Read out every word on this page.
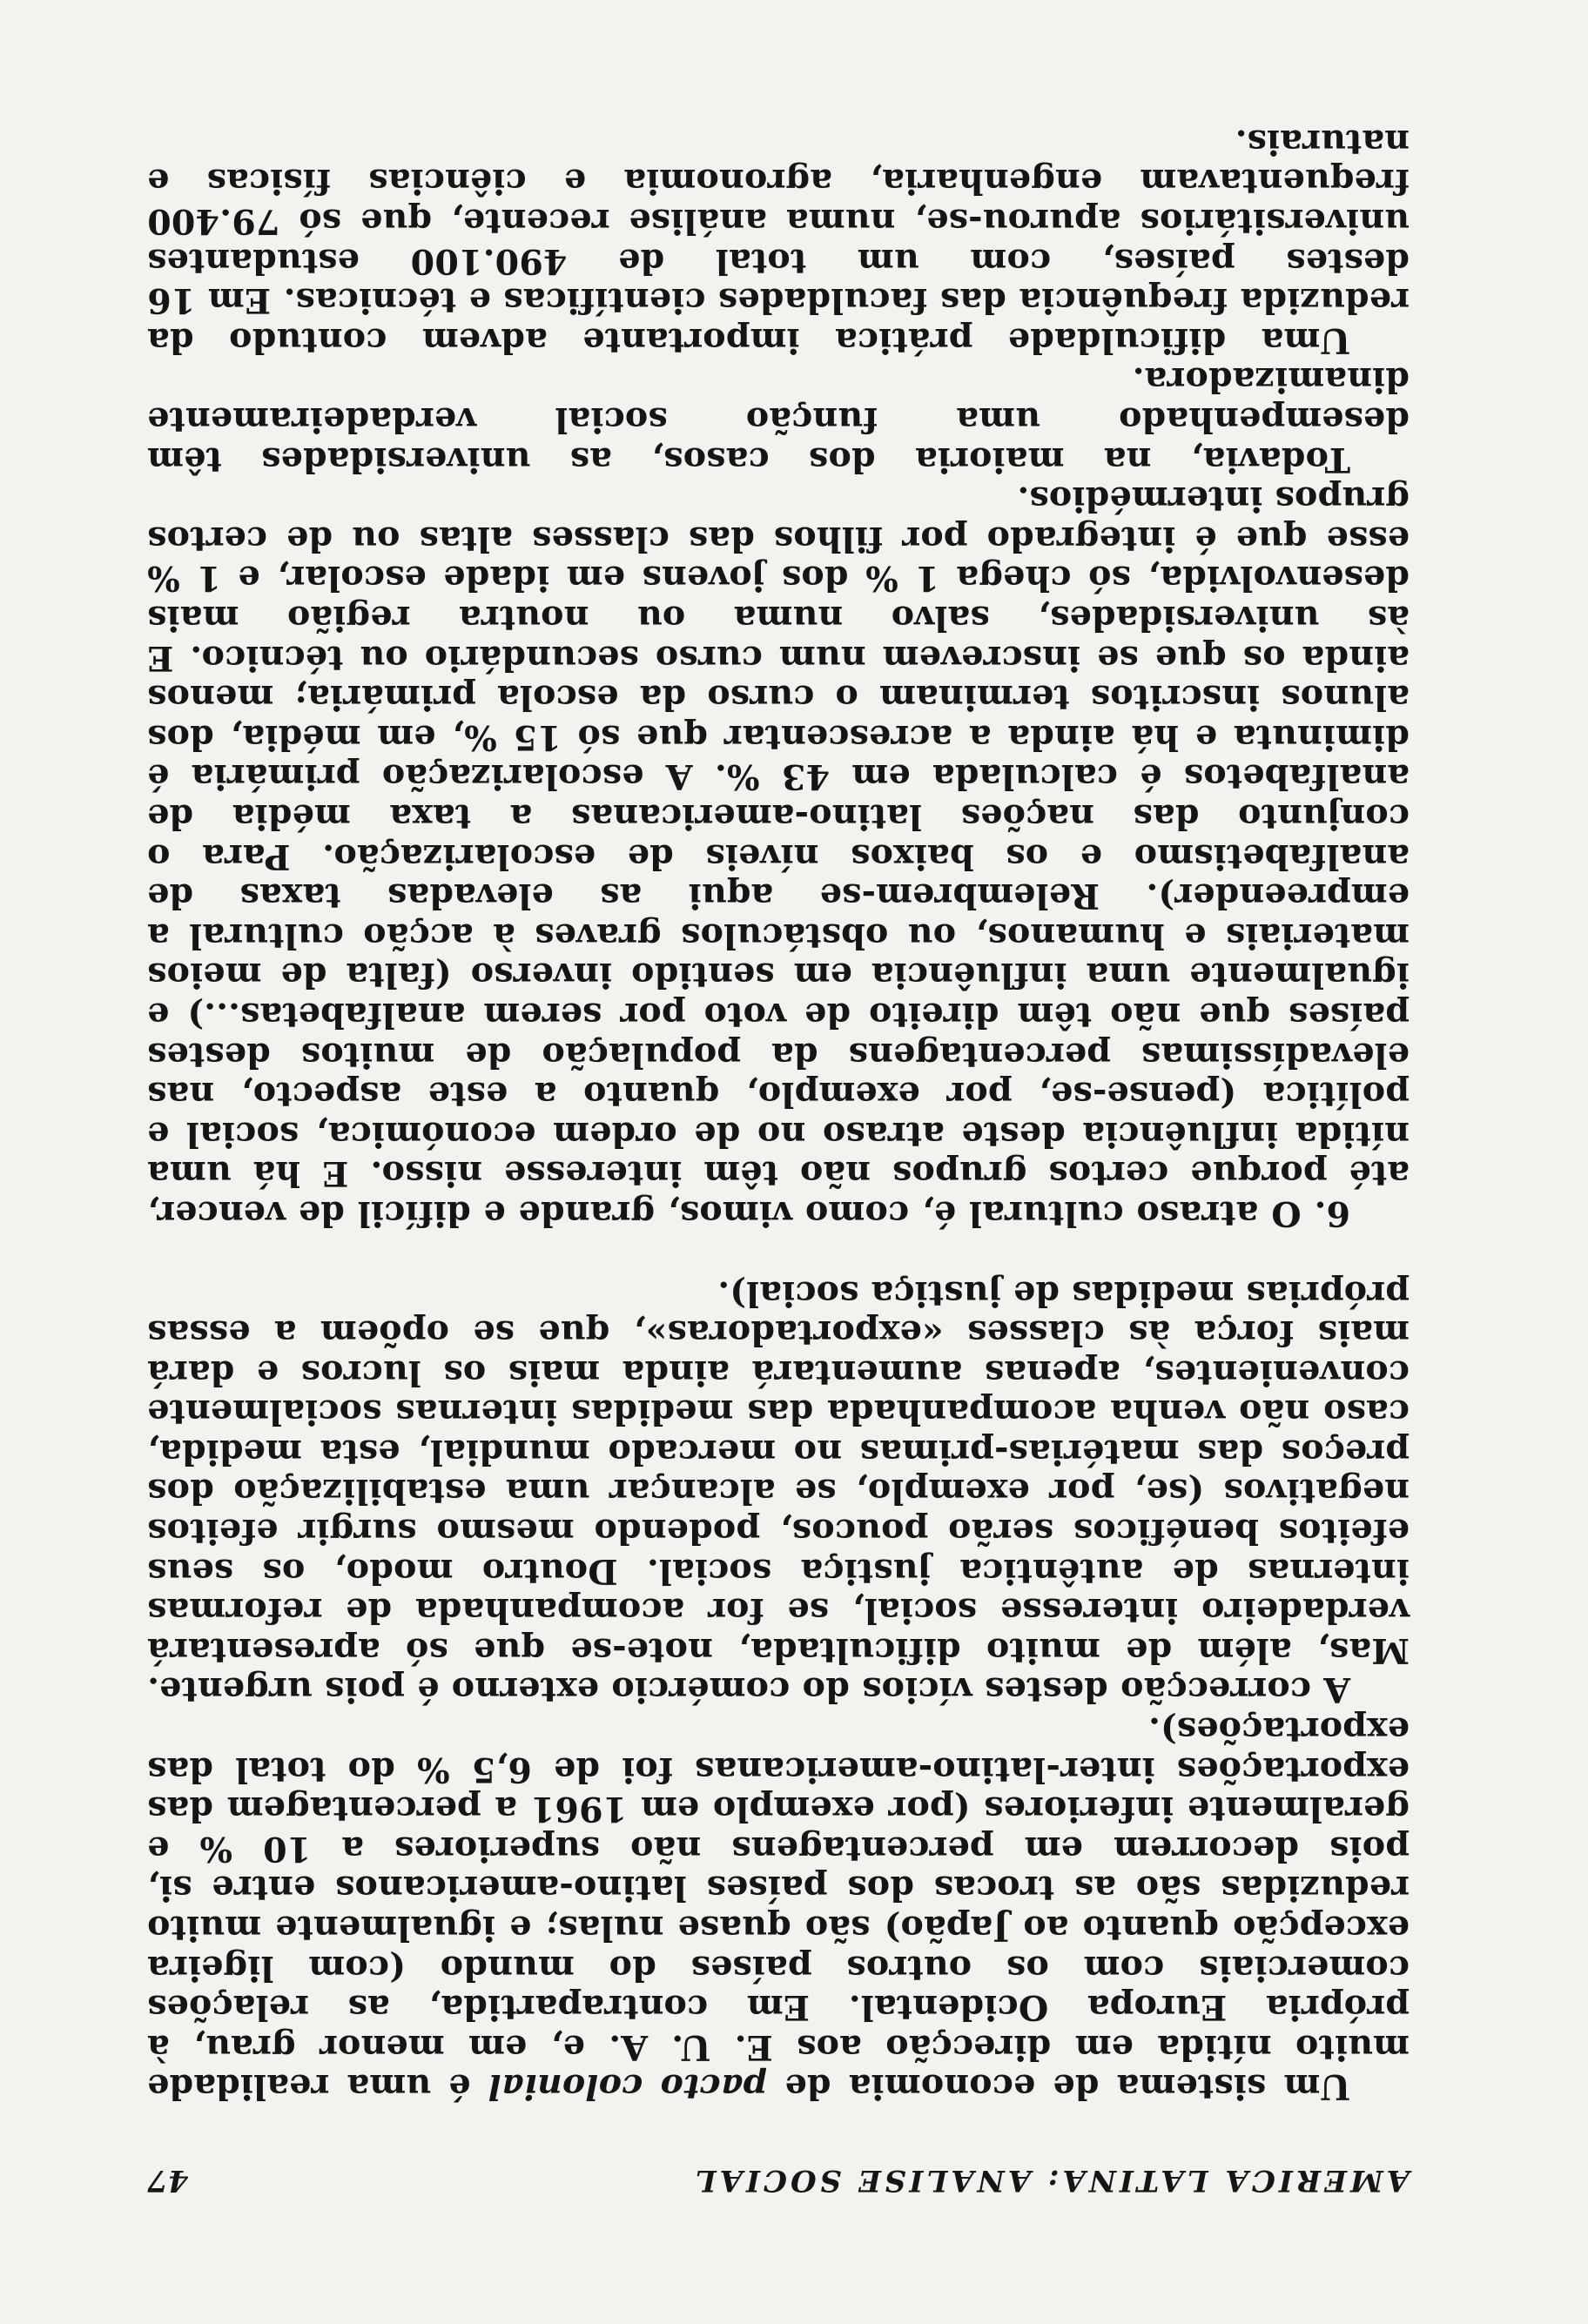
AMERICA LATINA: ANALISE SOCIAL
47

Um sistema de economia de pacto colonial é uma realidade muito nítida em direcção aos E. U. A. e, em menor grau, à própria Europa Ocidental. Em contrapartida, as relações comerciais com os outros países do mundo (com ligeira excepção quanto ao Japão) são quase nulas; e igualmente muito reduzidas são as trocas dos países latino-americanos entre si, pois decorrem em percentagens não superiores a 10 % e geralmente inferiores (por exemplo em 1961 a percentagem das exportações inter-latino-americanas foi de 6,5 % do total das exportações).

A correcção destes vícios do comércio externo é pois urgente. Mas, além de muito dificultada, note-se que só apresentará verdadeiro interesse social, se for acompanhada de reformas internas de autêntica justiça social. Doutro modo, os seus efeitos benéficos serão poucos, podendo mesmo surgir efeitos negativos (se, por exemplo, se alcançar uma estabilização dos preços das matérias-primas no mercado mundial, esta medida, caso não venha acompanhada das medidas internas socialmente convenientes, apenas aumentará ainda mais os lucros e dará mais força às classes «exportadoras», que se opõem a essas próprias medidas de justiça social).

6. O atraso cultural é, como vimos, grande e difícil de vencer, até porque certos grupos não têm interesse nisso. E há uma nítida influência deste atraso no de ordem económica, social e política (pense-se, por exemplo, quanto a este aspecto, nas elevadíssimas percentagens da população de muitos destes países que não têm direito de voto por serem analfabetas...) e igualmente uma influência em sentido inverso (falta de meios materiais e humanos, ou obstáculos graves à acção cultural a empreender). Relembrem-se aqui as elevadas taxas de analfabetismo e os baixos níveis de escolarização. Para o conjunto das nações latino-americanas a taxa média de analfabetos é calculada em 43 %. A escolarização primária é diminuta e há ainda a acrescentar que só 15 %, em média, dos alunos inscritos terminam o curso da escola primária; menos ainda os que se inscrevem num curso secundário ou técnico. E às universidades, salvo numa ou noutra região mais desenvolvida, só chega 1 % dos jovens em idade escolar, e 1 % esse que é integrado por filhos das classes altas ou de certos grupos intermédios.

Todavia, na maioria dos casos, as universidades têm desempenhado uma função social verdadeiramente dinamizadora.

Uma dificuldade prática importante advem contudo da reduzida frequência das faculdades científicas e técnicas. Em 16 destes países, com um total de 490.100 estudantes universitários apurou-se, numa análise recente, que só 79.400 frequentavam engenharia, agronomia e ciências físicas e naturais.
